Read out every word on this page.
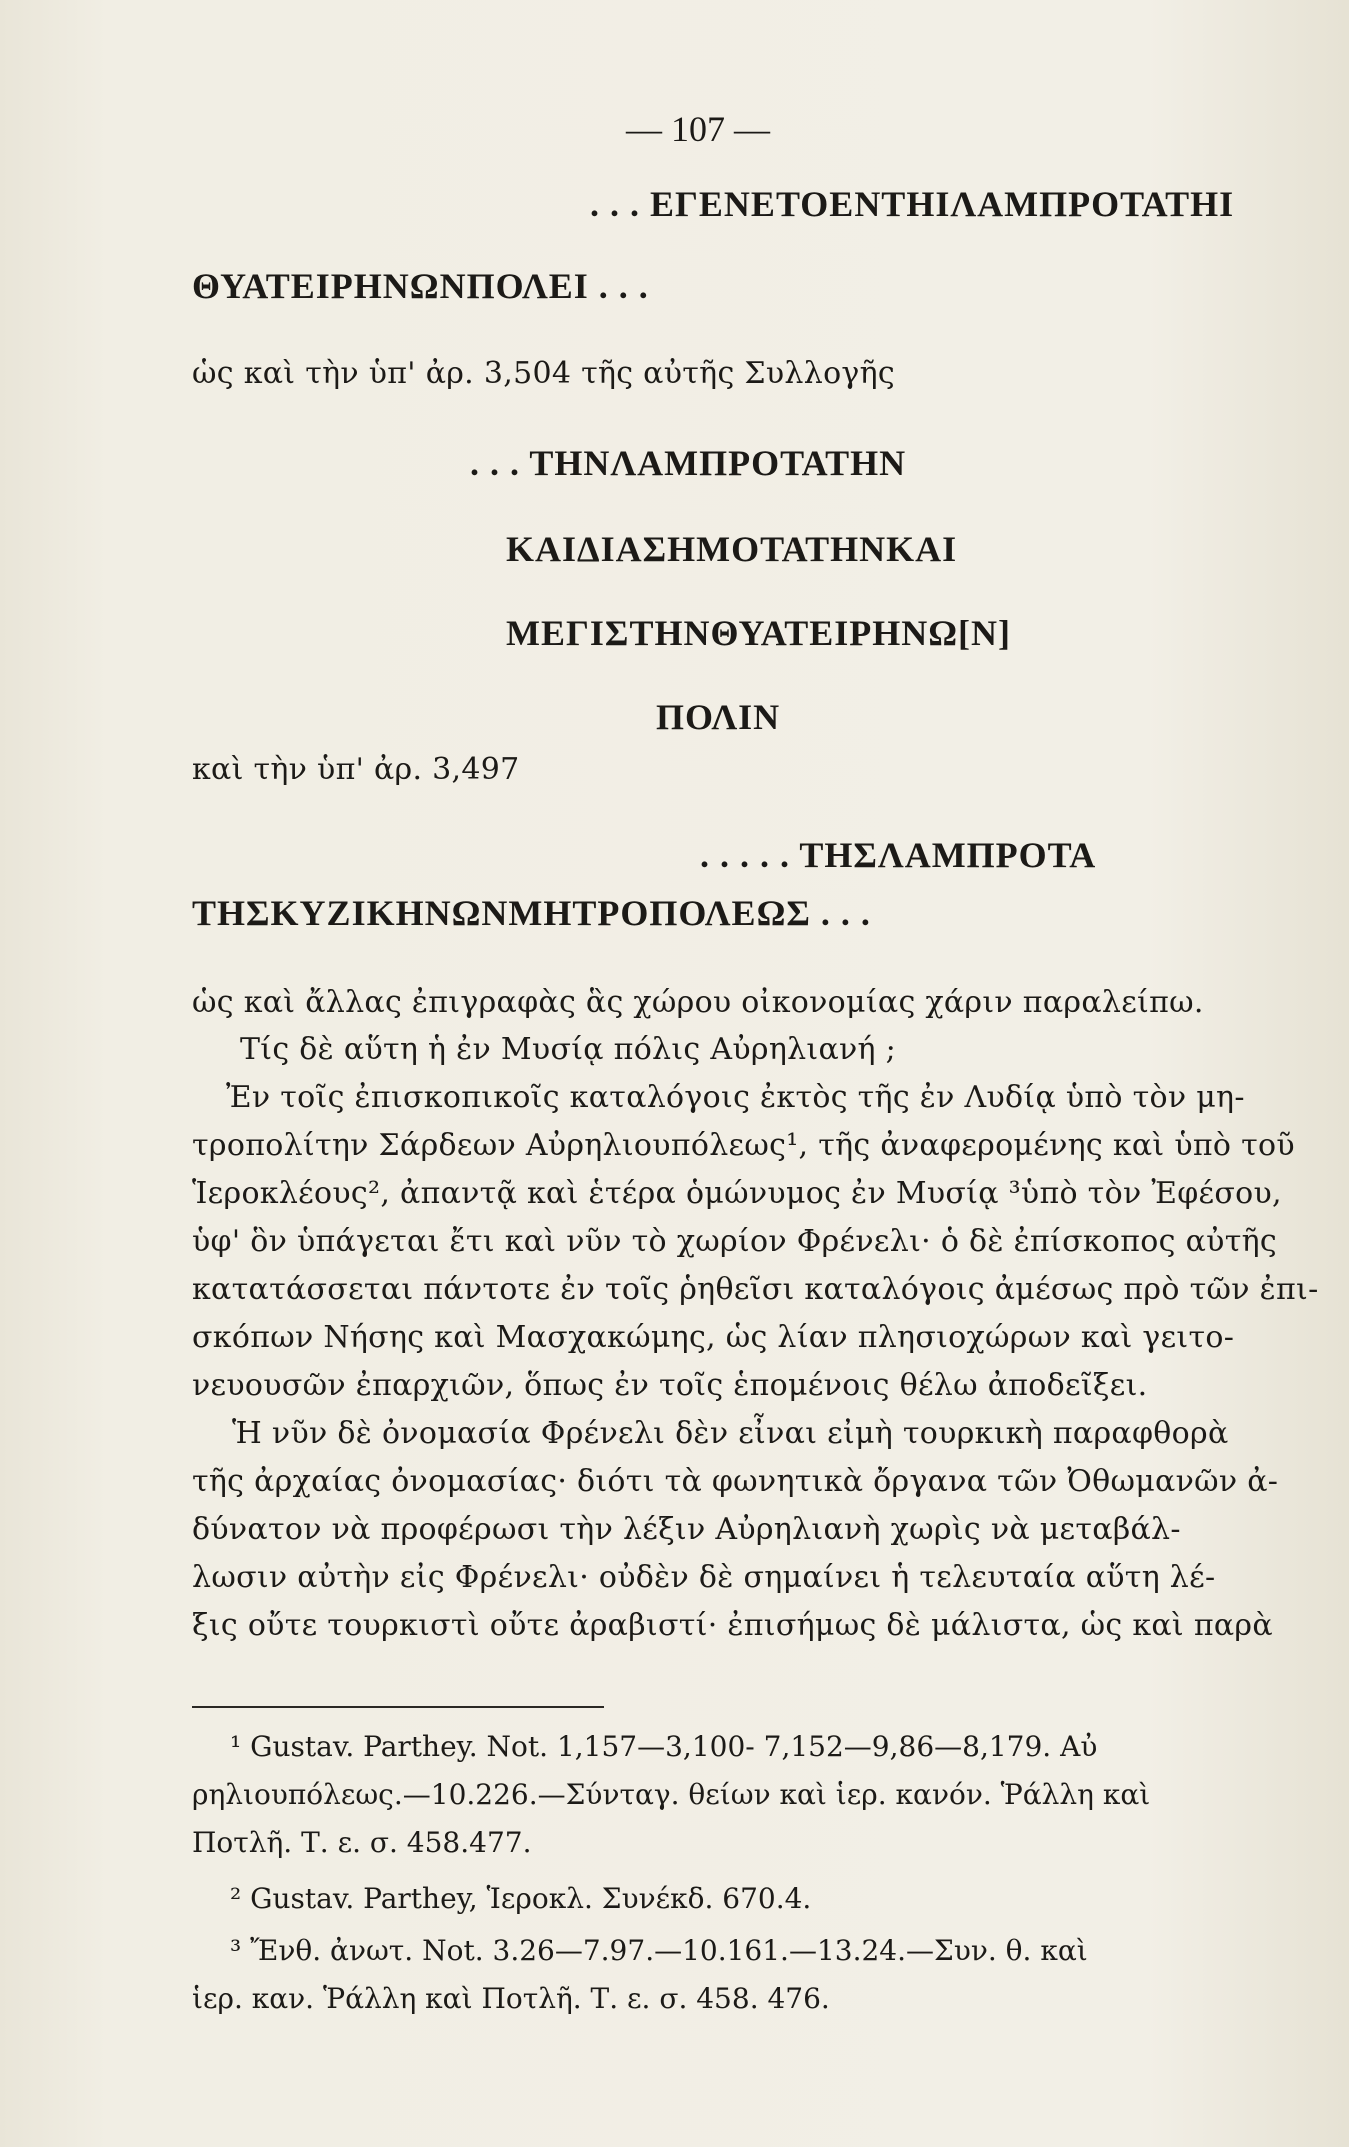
— 107 —
. . . ΕΓΕΝΕΤΟΕΝΤΗΙΛΑΜΠΡΟΤΑΤΗΙ
ΘΥΑΤΕΙΡΗΝΩΝΠΟΛΕΙ . . .
ὡς καὶ τὴν ὑπ' ἀρ. 3,504 τῆς αὐτῆς Συλλογῆς
. . . ΤΗΝΛΑΜΠΡΟΤΑΤΗΝ
ΚΑΙΔΙΑΣΗΜΟΤΑΤΗΝΚΑΙ
ΜΕΓΙΣΤΗΝΘΥΑΤΕΙΡΗΝΩ[Ν]
ΠΟΛΙΝ
καὶ τὴν ὑπ' ἀρ. 3,497
. . . . . ΤΗΣΛΑΜΠΡΟΤΑ
ΤΗΣΚΥΖΙΚΗΝΩΝΜΗΤΡΟΠΟΛΕΩΣ . . .
ὡς καὶ ἄλλας ἐπιγραφὰς ἃς χώρου οἰκονομίας χάριν παραλείπω.
Τίς δὲ αὕτη ἡ ἐν Μυσίᾳ πόλις Αὐρηλιανή ;
Ἐν τοῖς ἐπισκοπικοῖς καταλόγοις ἐκτὸς τῆς ἐν Λυδίᾳ ὑπὸ τὸν μη-
τροπολίτην Σάρδεων Αὐρηλιουπόλεως¹, τῆς ἀναφερομένης καὶ ὑπὸ τοῦ
Ἱεροκλέους², ἀπαντᾷ καὶ ἑτέρα ὁμώνυμος ἐν Μυσίᾳ ³ὑπὸ τὸν Ἐφέσου,
ὑφ' ὃν ὑπάγεται ἔτι καὶ νῦν τὸ χωρίον Φρένελι· ὁ δὲ ἐπίσκοπος αὐτῆς
κατατάσσεται πάντοτε ἐν τοῖς ῥηθεῖσι καταλόγοις ἀμέσως πρὸ τῶν ἐπι-
σκόπων Νήσης καὶ Μασχακώμης, ὡς λίαν πλησιοχώρων καὶ γειτο-
νευουσῶν ἐπαρχιῶν, ὅπως ἐν τοῖς ἑπομένοις θέλω ἀποδεῖξει.
Ἡ νῦν δὲ ὀνομασία Φρένελι δὲν εἶναι εἰμὴ τουρκικὴ παραφθορὰ
τῆς ἀρχαίας ὀνομασίας· διότι τὰ φωνητικὰ ὄργανα τῶν Ὀθωμανῶν ἀ-
δύνατον νὰ προφέρωσι τὴν λέξιν Αὐρηλιανὴ χωρὶς νὰ μεταβάλ-
λωσιν αὐτὴν εἰς Φρένελι· οὐδὲν δὲ σημαίνει ἡ τελευταία αὕτη λέ-
ξις οὔτε τουρκιστὶ οὔτε ἀραβιστί· ἐπισήμως δὲ μάλιστα, ὡς καὶ παρὰ
¹ Gustav. Parthey. Not. 1,157—3,100- 7,152—9,86—8,179. Αὐ
ρηλιουπόλεως.—10.226.—Σύνταγ. θείων καὶ ἱερ. κανόν. Ῥάλλη καὶ
Ποτλῆ. Τ. ε. σ. 458.477.
² Gustav. Parthey, Ἱεροκλ. Συνέκδ. 670.4.
³ Ἔνθ. ἀνωτ. Not. 3.26—7.97.—10.161.—13.24.—Συν. θ. καὶ
ἱερ. καν. Ῥάλλη καὶ Ποτλῆ. Τ. ε. σ. 458. 476.
